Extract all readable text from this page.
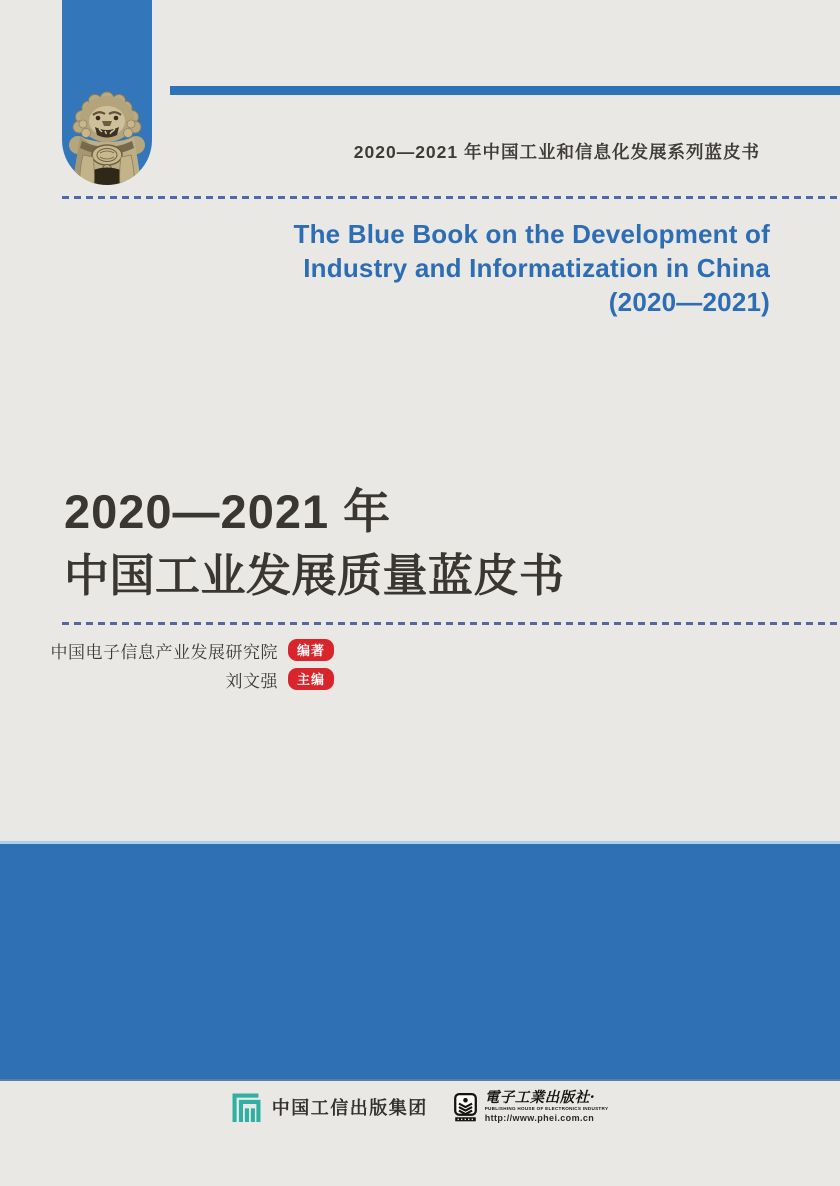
2020—2021 年中国工业和信息化发展系列蓝皮书
The Blue Book on the Development of
Industry and Informatization in China
(2020—2021)
2020—2021 年
中国工业发展质量蓝皮书
中国电子信息产业发展研究院	编著
刘文强	主编
中国工信出版集团
電子工業出版社·
PUBLISHING HOUSE OF ELECTRONICS INDUSTRY
http://www.phei.com.cn
